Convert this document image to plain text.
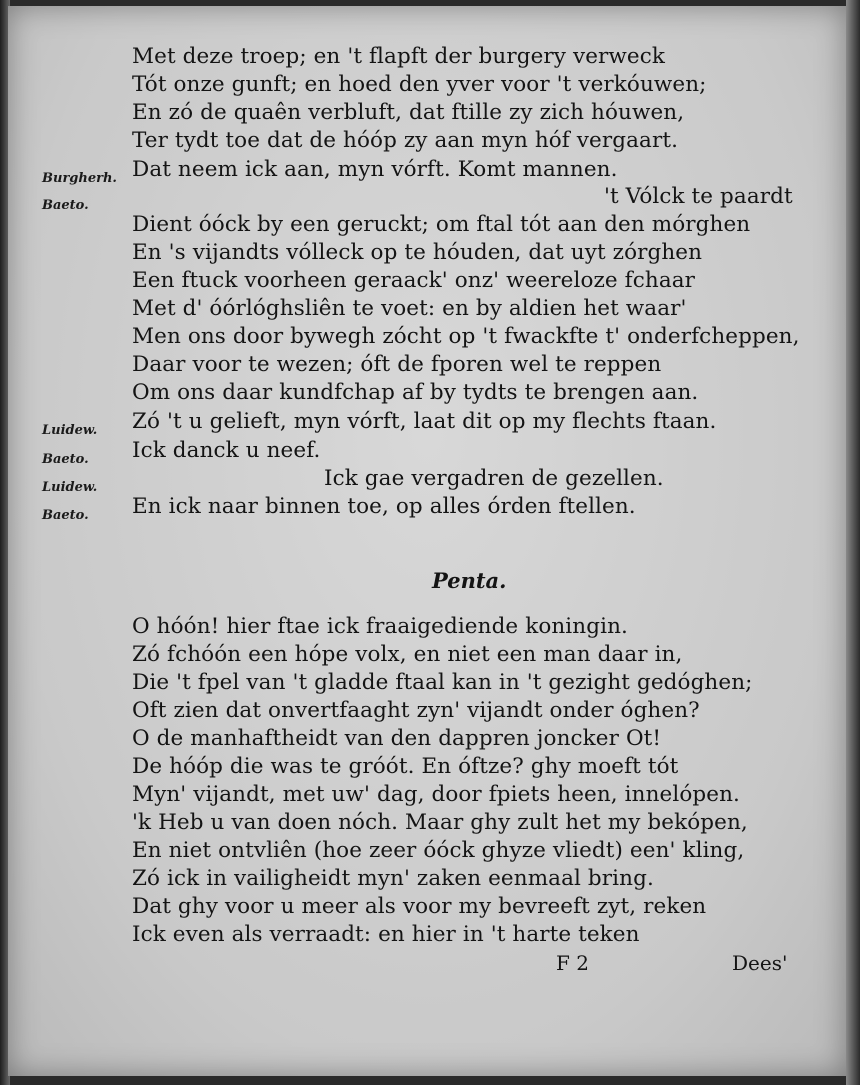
Met deze troep; en 't flapft der burgery verweck
Tót onze gunft; en hoed den yver voor 't verkóuwen;
En zó de quaên verbluft, dat ftille zy zich hóuwen,
Ter tydt toe dat de hóóp zy aan myn hóf vergaart.
Burgherh. Dat neem ick aan, myn vórft. Komt mannen.
Baeto.	't Vólck te paardt
Dient óóck by een geruckt; om ftal tót aan den mórghen
En 's vijandts vólleck op te hóuden, dat uyt zórghen
Een ftuck voorheen geraack' onz' weereloze fchaar
Met d' óórlóghsliên te voet: en by aldien het waar'
Men ons door bywegh zócht op 't fwackfte t' onderfcheppen,
Daar voor te wezen; óft de fporen wel te reppen
Om ons daar kundfchap af by tydts te brengen aan.
Luidew. Zó 't u gelieft, myn vórft, laat dit op my flechts ftaan.
Baeto. Ick danck u neef.
Luidew.	Ick gae vergadren de gezellen.
Baeto. En ick naar binnen toe, op alles órden ftellen.
Penta.
O hóón! hier ftae ick fraaigediende koningin.
Zó fchóón een hópe volx, en niet een man daar in,
Die 't fpel van 't gladde ftaal kan in 't gezight gedóghen;
Oft zien dat onvertfaaght zyn' vijandt onder óghen?
O de manhaftheidt van den dappren joncker Ot!
De hóóp die was te gróót. En óftze? ghy moeft tót
Myn' vijandt, met uw' dag, door fpiets heen, innelópen.
'k Heb u van doen nóch. Maar ghy zult het my bekópen,
En niet ontvliên (hoe zeer óóck ghyze vliedt) een' kling,
Zó ick in vailigheidt myn' zaken eenmaal bring.
Dat ghy voor u meer als voor my bevreeft zyt, reken
Ick even als verraadt: en hier in 't harte teken
F 2	Dees'
